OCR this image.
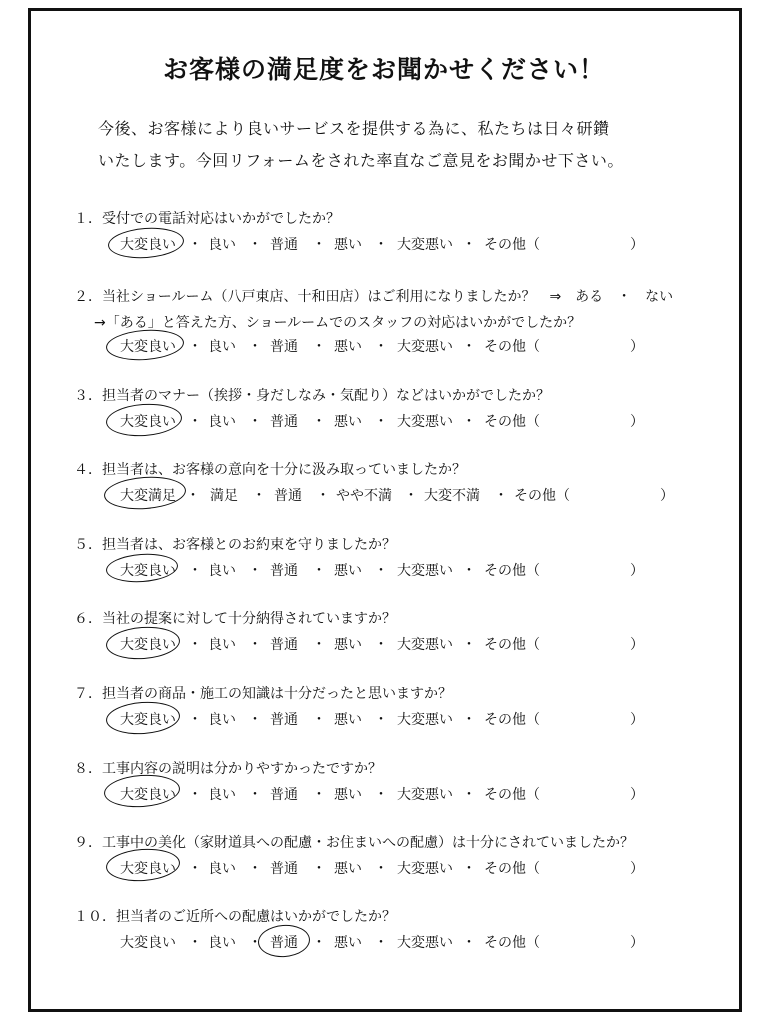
お客様の満足度をお聞かせください！
今後、お客様により良いサービスを提供する為に、私たちは日々研鑽
いたします。今回リフォームをされた率直なご意見をお聞かせ下さい。
１．受付での電話対応はいかがでしたか？
大変良い ・ 良い ・ 普通 ・ 悪い ・ 大変悪い ・ その他（	）
２．当社ショールーム（八戸東店、十和田店）はご利用になりましたか？　⇒　ある　・　ない
→「ある」と答えた方、ショールームでのスタッフの対応はいかがでしたか？
大変良い ・ 良い ・ 普通 ・ 悪い ・ 大変悪い ・ その他（	）
３．担当者のマナー（挨拶・身だしなみ・気配り）などはいかがでしたか？
大変良い ・ 良い ・ 普通 ・ 悪い ・ 大変悪い ・ その他（	）
４．担当者は、お客様の意向を十分に汲み取っていましたか？
大変満足 ・ 満足 ・ 普通 ・ やや不満 ・ 大変不満 ・ その他（	）
５．担当者は、お客様とのお約束を守りましたか？
大変良い ・ 良い ・ 普通 ・ 悪い ・ 大変悪い ・ その他（	）
６．当社の提案に対して十分納得されていますか？
大変良い ・ 良い ・ 普通 ・ 悪い ・ 大変悪い ・ その他（	）
７．担当者の商品・施工の知識は十分だったと思いますか？
大変良い ・ 良い ・ 普通 ・ 悪い ・ 大変悪い ・ その他（	）
８．工事内容の説明は分かりやすかったですか？
大変良い ・ 良い ・ 普通 ・ 悪い ・ 大変悪い ・ その他（	）
９．工事中の美化（家財道具への配慮・お住まいへの配慮）は十分にされていましたか？
大変良い ・ 良い ・ 普通 ・ 悪い ・ 大変悪い ・ その他（	）
１０．担当者のご近所への配慮はいかがでしたか？
大変良い ・ 良い ・ 普通 ・ 悪い ・ 大変悪い ・ その他（	）
